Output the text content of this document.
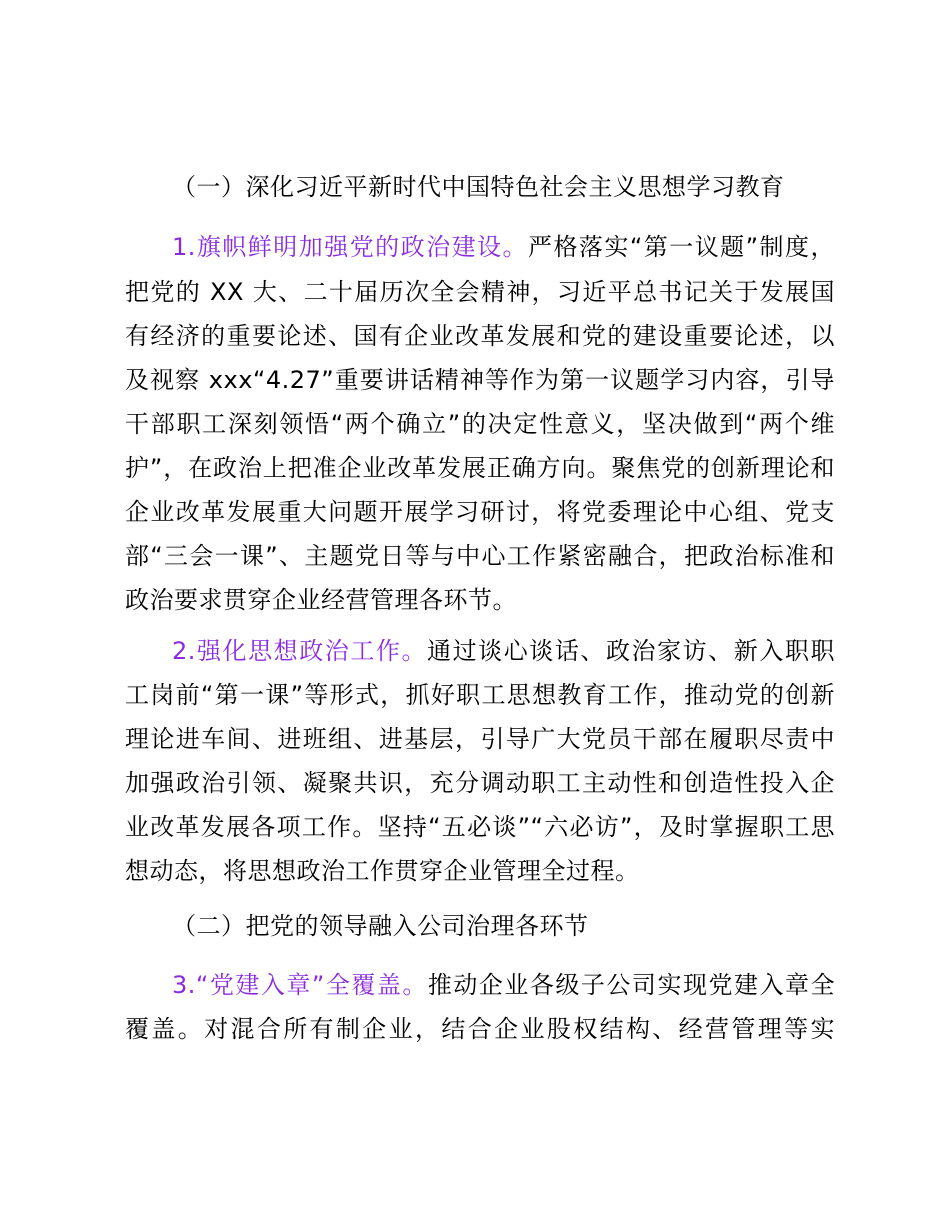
（一）深化习近平新时代中国特色社会主义思想学习教育
1.旗帜鲜明加强党的政治建设。严格落实“第一议题”制度，
把党的 XX 大、二十届历次全会精神，习近平总书记关于发展国
有经济的重要论述、国有企业改革发展和党的建设重要论述，以
及视察 xxx“4.27”重要讲话精神等作为第一议题学习内容，引导
干部职工深刻领悟“两个确立”的决定性意义，坚决做到“两个维
护”，在政治上把准企业改革发展正确方向。聚焦党的创新理论和
企业改革发展重大问题开展学习研讨，将党委理论中心组、党支
部“三会一课”、主题党日等与中心工作紧密融合，把政治标准和
政治要求贯穿企业经营管理各环节。
2.强化思想政治工作。通过谈心谈话、政治家访、新入职职
工岗前“第一课”等形式，抓好职工思想教育工作，推动党的创新
理论进车间、进班组、进基层，引导广大党员干部在履职尽责中
加强政治引领、凝聚共识，充分调动职工主动性和创造性投入企
业改革发展各项工作。坚持“五必谈”“六必访”，及时掌握职工思
想动态，将思想政治工作贯穿企业管理全过程。
（二）把党的领导融入公司治理各环节
3.“党建入章”全覆盖。推动企业各级子公司实现党建入章全
覆盖。对混合所有制企业，结合企业股权结构、经营管理等实
